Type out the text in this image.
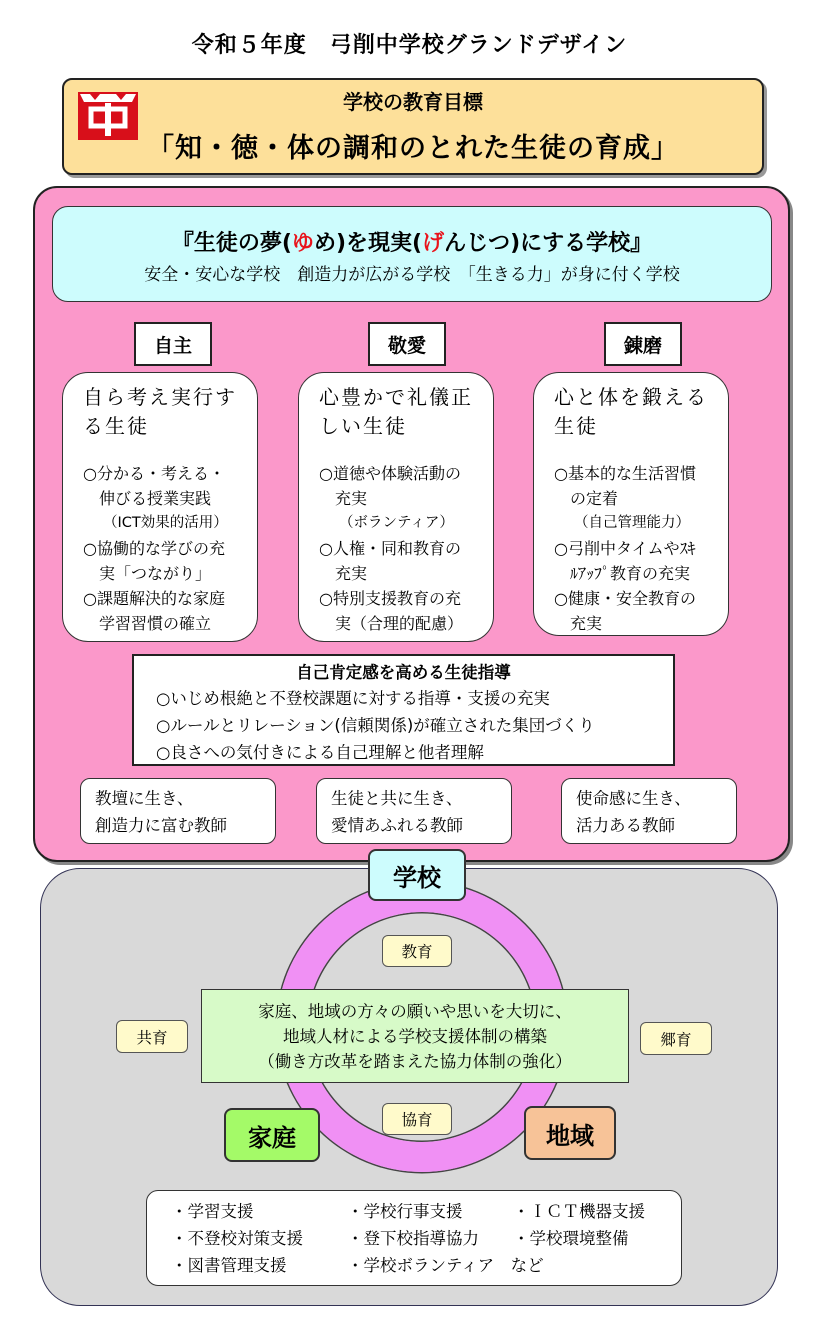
令和５年度　弓削中学校グランドデザイン
学校の教育目標
「知・徳・体の調和のとれた生徒の育成」
『生徒の夢(ゆめ)を現実(げんじつ)にする学校』
安全・安心な学校　創造力が広がる学校　「生きる力」が身に付く学校
自主	敬愛	錬磨
自ら考え実行する生徒
○分かる・考える・
伸びる授業実践
（ICT効果的活用）
○協働的な学びの充
実「つながり」
○課題解決的な家庭
学習習慣の確立
心豊かで礼儀正しい生徒
○道徳や体験活動の
充実
（ボランティア）
○人権・同和教育の
充実
○特別支援教育の充
実（合理的配慮）
心と体を鍛える生徒
○基本的な生活習慣
の定着
（自己管理能力）
○弓削中タイムやｽｷ
ﾙｱｯﾌﾟ教育の充実
○健康・安全教育の
充実
自己肯定感を高める生徒指導
○いじめ根絶と不登校課題に対する指導・支援の充実
○ルールとリレーション(信頼関係)が確立された集団づくり
○良さへの気付きによる自己理解と他者理解
教壇に生き、
創造力に富む教師
生徒と共に生き、
愛情あふれる教師
使命感に生き、
活力ある教師
学校
家庭	地域
教育
共育	郷育
協育
家庭、地域の方々の願いや思いを大切に、
地域人材による学校支援体制の構築
（働き方改革を踏まえた協力体制の強化）
・学習支援	・学校行事支援	・ＩＣＴ機器支援
・不登校対策支援	・登下校指導協力 ・学校環境整備
・図書管理支援	・学校ボランティア　など
